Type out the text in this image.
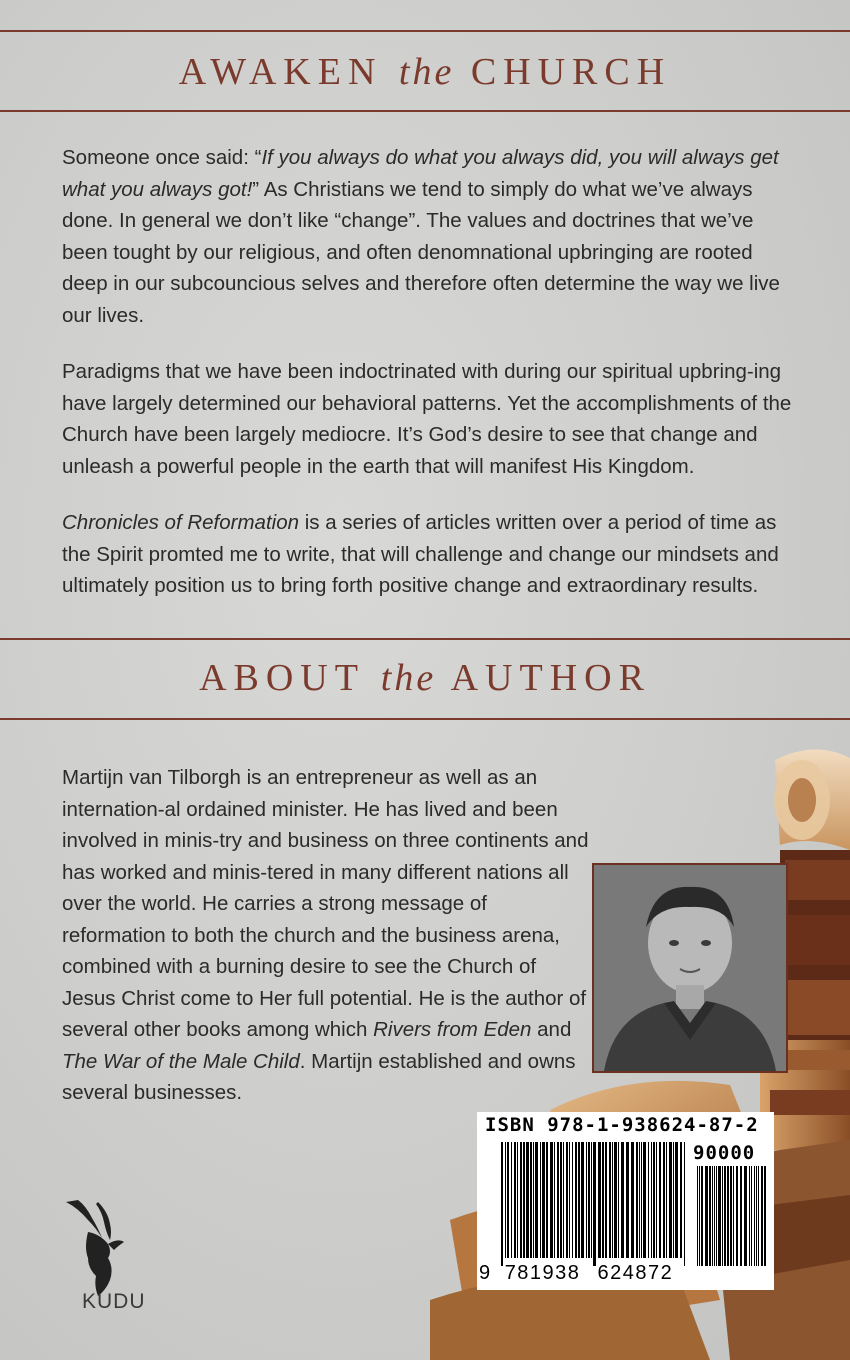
AWAKEN the CHURCH

Someone once said: “If you always do what you always did, you will always get what you always got!” As Christians we tend to simply do what we’ve always done. In general we don’t like “change”. The values and doctrines that we’ve been tought by our religious, and often denomnational upbringing are rooted deep in our subcouncious selves and therefore often determine the way we live our lives.

Paradigms that we have been indoctrinated with during our spiritual upbring-ing have largely determined our behavioral patterns. Yet the accomplishments of the Church have been largely mediocre. It’s God’s desire to see that change and unleash a powerful people in the earth that will manifest His Kingdom.

Chronicles of Reformation is a series of articles written over a period of time as the Spirit promted me to write, that will challenge and change our mindsets and ultimately position us to bring forth positive change and extraordinary results.

ABOUT the AUTHOR

Martijn van Tilborgh is an entrepreneur as well as an internation-al ordained minister. He has lived and been involved in minis-try and business on three continents and has worked and minis-tered in many different nations all over the world. He carries a strong message of reformation to both the church and the business arena, combined with a burning desire to see the Church of Jesus Christ come to Her full potential. He is the author of several other books among which Rivers from Eden and The War of the Male Child. Martijn established and owns several businesses.

ISBN 978-1-938624-87-2
90000
9 781938 624872
KUDU
